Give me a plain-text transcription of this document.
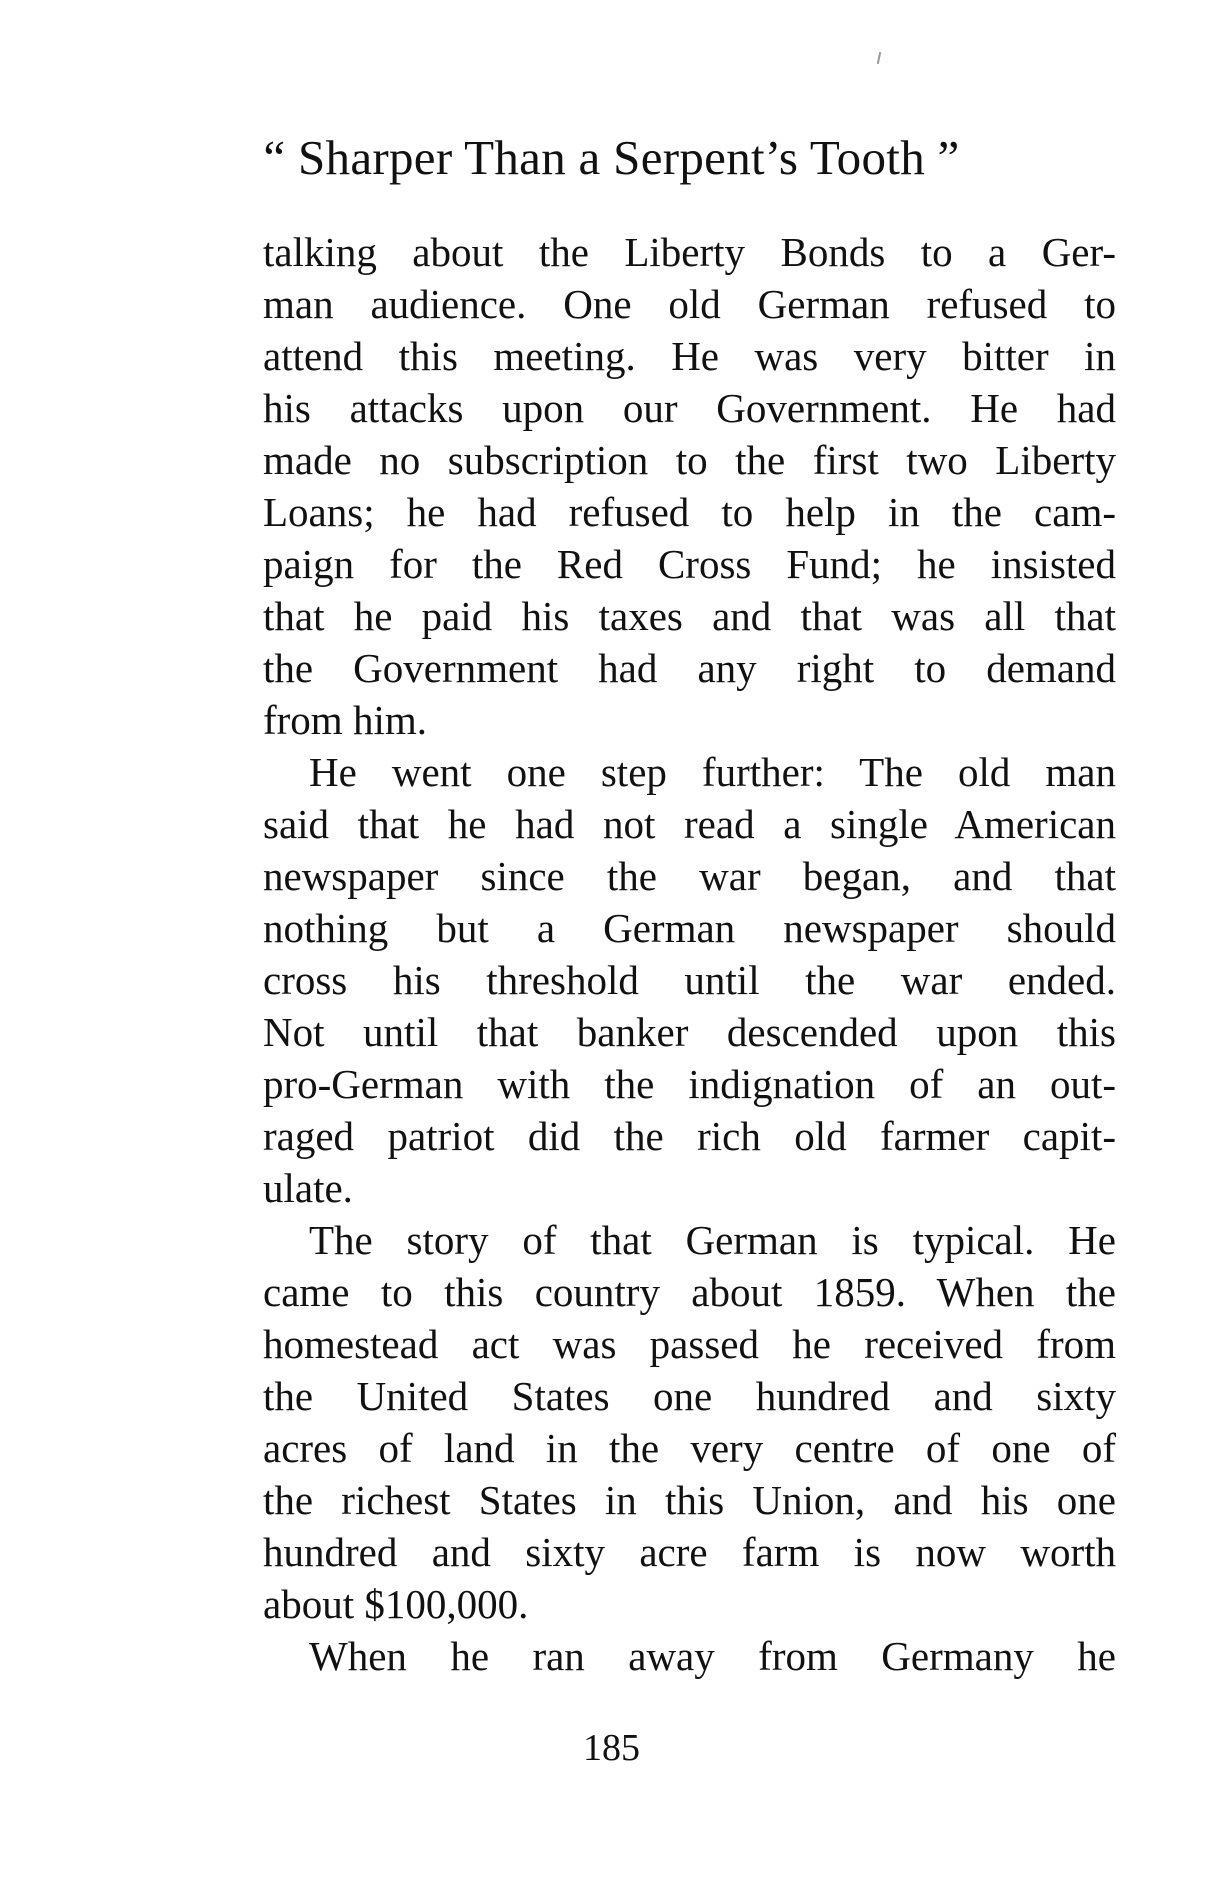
“ Sharper Than a Serpent’s Tooth ”
talking about the Liberty Bonds to a Ger-
man audience. One old German refused to
attend this meeting. He was very bitter in
his attacks upon our Government. He had
made no subscription to the first two Liberty
Loans; he had refused to help in the cam-
paign for the Red Cross Fund; he insisted
that he paid his taxes and that was all that
the Government had any right to demand
from him.
He went one step further: The old man
said that he had not read a single American
newspaper since the war began, and that
nothing but a German newspaper should
cross his threshold until the war ended.
Not until that banker descended upon this
pro-German with the indignation of an out-
raged patriot did the rich old farmer capit-
ulate.
The story of that German is typical. He
came to this country about 1859. When the
homestead act was passed he received from
the United States one hundred and sixty
acres of land in the very centre of one of
the richest States in this Union, and his one
hundred and sixty acre farm is now worth
about $100,000.
When he ran away from Germany he
185
